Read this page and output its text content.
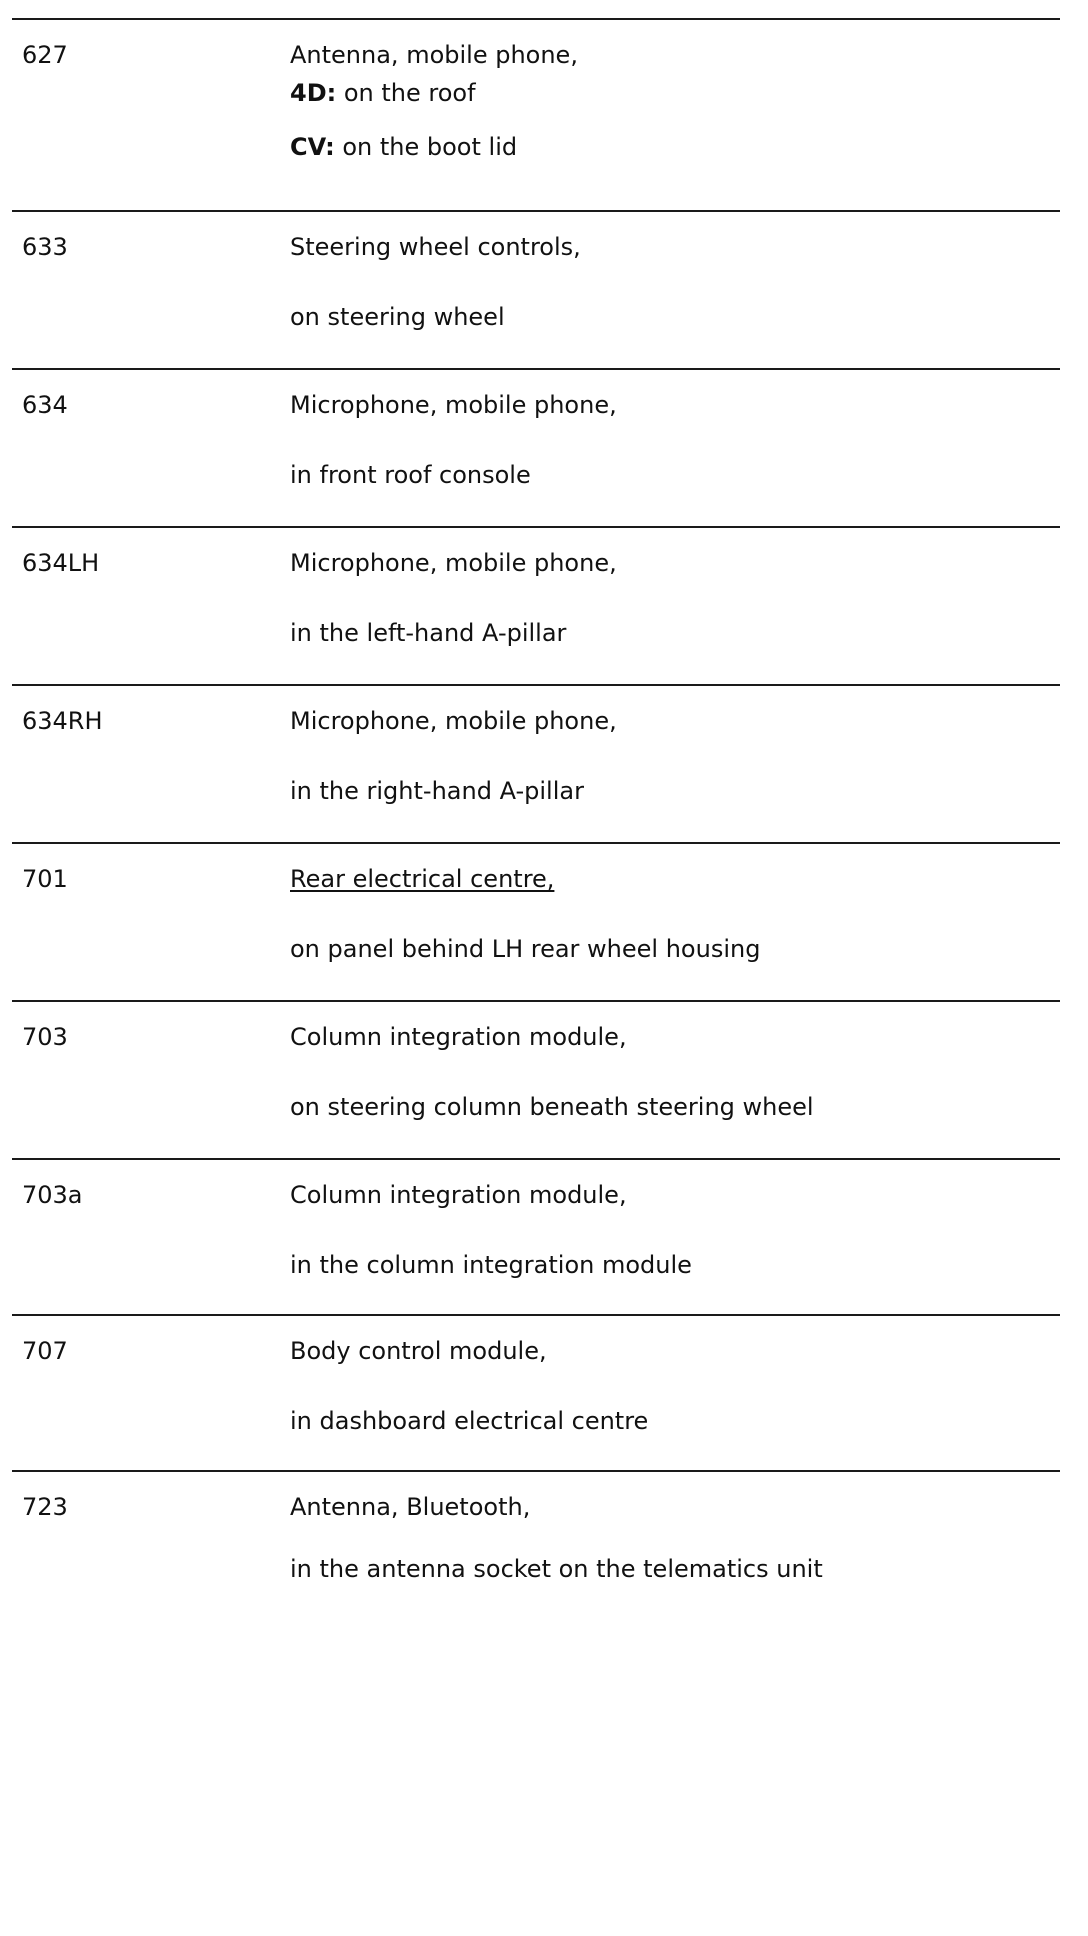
627	Antenna, mobile phone,
4D: on the roof
CV: on the boot lid
633	Steering wheel controls,
on steering wheel
634	Microphone, mobile phone,
in front roof console
634LH	Microphone, mobile phone,
in the left-hand A-pillar
634RH	Microphone, mobile phone,
in the right-hand A-pillar
701	Rear electrical centre,
on panel behind LH rear wheel housing
703	Column integration module,
on steering column beneath steering wheel
703a	Column integration module,
in the column integration module
707	Body control module,
in dashboard electrical centre
723	Antenna, Bluetooth,
in the antenna socket on the telematics unit
